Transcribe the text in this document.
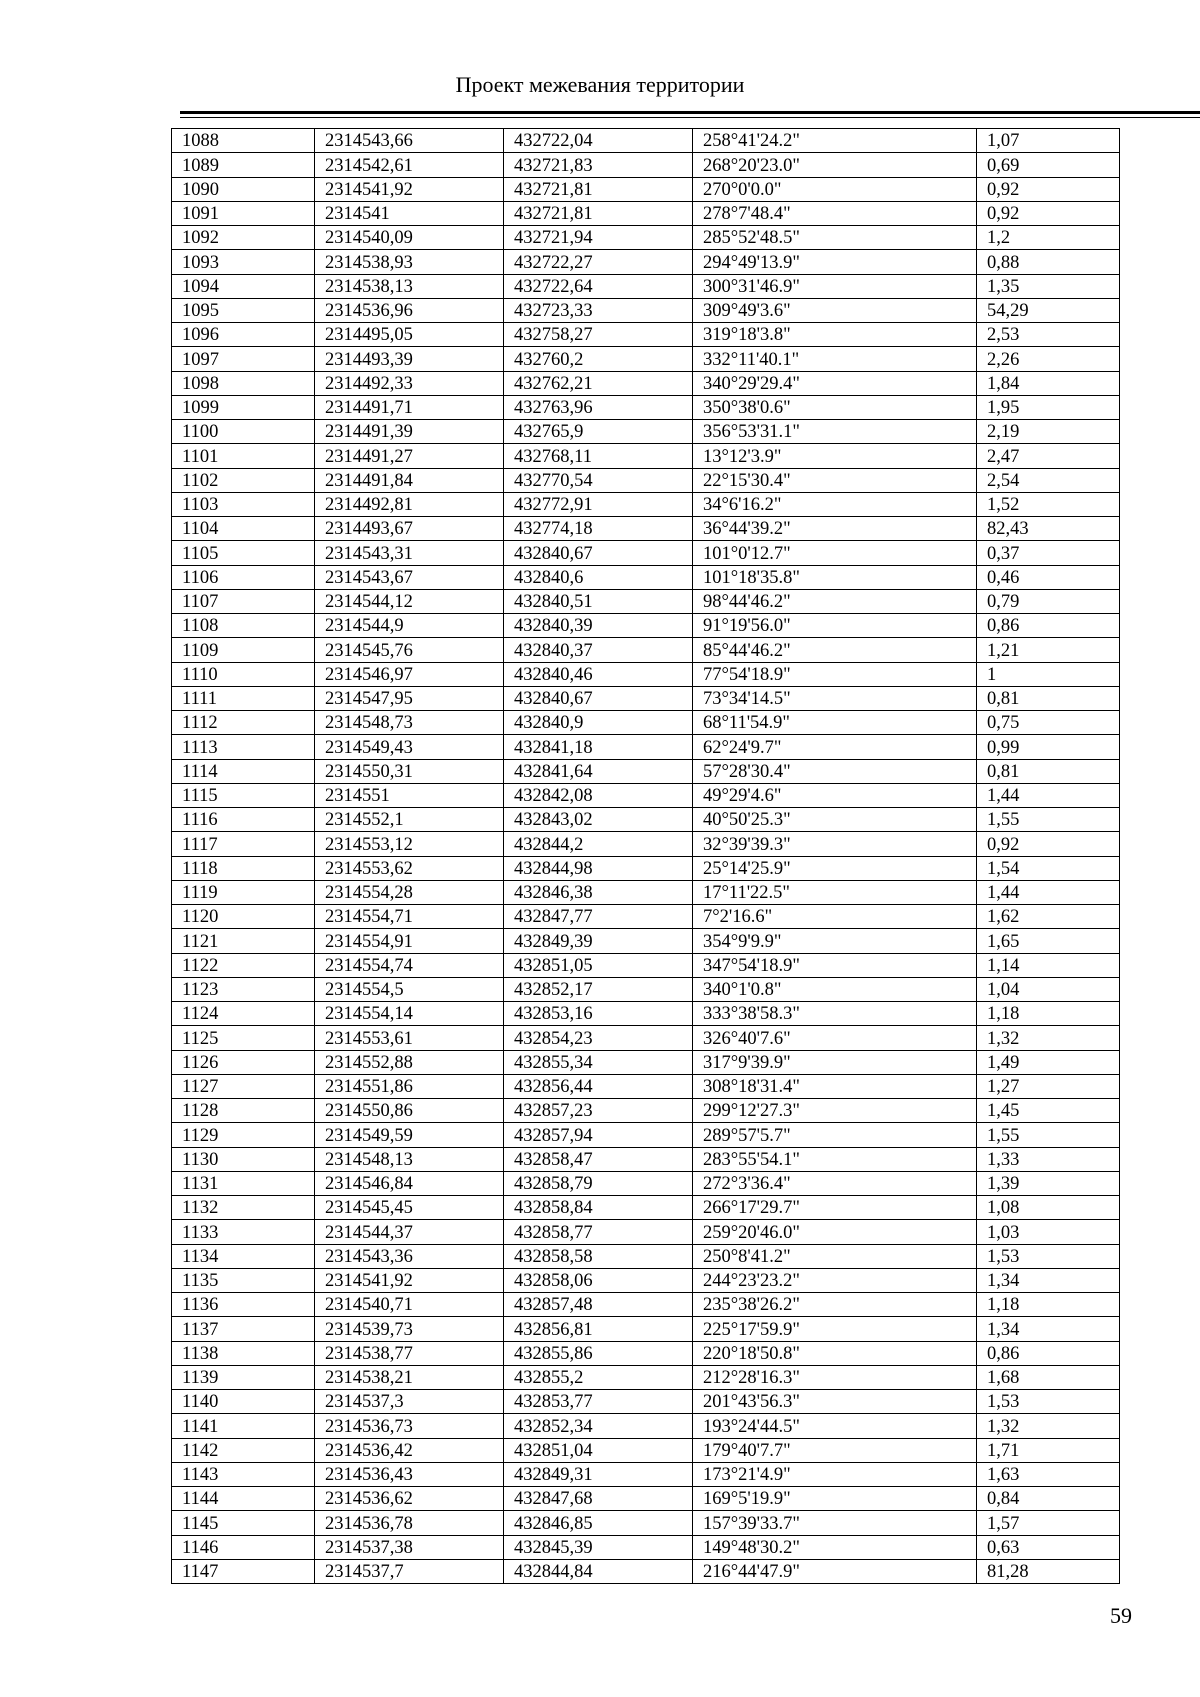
Проект межевания территории
1088	2314543,66	432722,04	258°41'24.2"	1,07
1089	2314542,61	432721,83	268°20'23.0"	0,69
1090	2314541,92	432721,81	270°0'0.0"	0,92
1091	2314541	432721,81	278°7'48.4"	0,92
1092	2314540,09	432721,94	285°52'48.5"	1,2
1093	2314538,93	432722,27	294°49'13.9"	0,88
1094	2314538,13	432722,64	300°31'46.9"	1,35
1095	2314536,96	432723,33	309°49'3.6"	54,29
1096	2314495,05	432758,27	319°18'3.8"	2,53
1097	2314493,39	432760,2	332°11'40.1"	2,26
1098	2314492,33	432762,21	340°29'29.4"	1,84
1099	2314491,71	432763,96	350°38'0.6"	1,95
1100	2314491,39	432765,9	356°53'31.1"	2,19
1101	2314491,27	432768,11	13°12'3.9"	2,47
1102	2314491,84	432770,54	22°15'30.4"	2,54
1103	2314492,81	432772,91	34°6'16.2"	1,52
1104	2314493,67	432774,18	36°44'39.2"	82,43
1105	2314543,31	432840,67	101°0'12.7"	0,37
1106	2314543,67	432840,6	101°18'35.8"	0,46
1107	2314544,12	432840,51	98°44'46.2"	0,79
1108	2314544,9	432840,39	91°19'56.0"	0,86
1109	2314545,76	432840,37	85°44'46.2"	1,21
1110	2314546,97	432840,46	77°54'18.9"	1
1111	2314547,95	432840,67	73°34'14.5"	0,81
1112	2314548,73	432840,9	68°11'54.9"	0,75
1113	2314549,43	432841,18	62°24'9.7"	0,99
1114	2314550,31	432841,64	57°28'30.4"	0,81
1115	2314551	432842,08	49°29'4.6"	1,44
1116	2314552,1	432843,02	40°50'25.3"	1,55
1117	2314553,12	432844,2	32°39'39.3"	0,92
1118	2314553,62	432844,98	25°14'25.9"	1,54
1119	2314554,28	432846,38	17°11'22.5"	1,44
1120	2314554,71	432847,77	7°2'16.6"	1,62
1121	2314554,91	432849,39	354°9'9.9"	1,65
1122	2314554,74	432851,05	347°54'18.9"	1,14
1123	2314554,5	432852,17	340°1'0.8"	1,04
1124	2314554,14	432853,16	333°38'58.3"	1,18
1125	2314553,61	432854,23	326°40'7.6"	1,32
1126	2314552,88	432855,34	317°9'39.9"	1,49
1127	2314551,86	432856,44	308°18'31.4"	1,27
1128	2314550,86	432857,23	299°12'27.3"	1,45
1129	2314549,59	432857,94	289°57'5.7"	1,55
1130	2314548,13	432858,47	283°55'54.1"	1,33
1131	2314546,84	432858,79	272°3'36.4"	1,39
1132	2314545,45	432858,84	266°17'29.7"	1,08
1133	2314544,37	432858,77	259°20'46.0"	1,03
1134	2314543,36	432858,58	250°8'41.2"	1,53
1135	2314541,92	432858,06	244°23'23.2"	1,34
1136	2314540,71	432857,48	235°38'26.2"	1,18
1137	2314539,73	432856,81	225°17'59.9"	1,34
1138	2314538,77	432855,86	220°18'50.8"	0,86
1139	2314538,21	432855,2	212°28'16.3"	1,68
1140	2314537,3	432853,77	201°43'56.3"	1,53
1141	2314536,73	432852,34	193°24'44.5"	1,32
1142	2314536,42	432851,04	179°40'7.7"	1,71
1143	2314536,43	432849,31	173°21'4.9"	1,63
1144	2314536,62	432847,68	169°5'19.9"	0,84
1145	2314536,78	432846,85	157°39'33.7"	1,57
1146	2314537,38	432845,39	149°48'30.2"	0,63
1147	2314537,7	432844,84	216°44'47.9"	81,28
59
